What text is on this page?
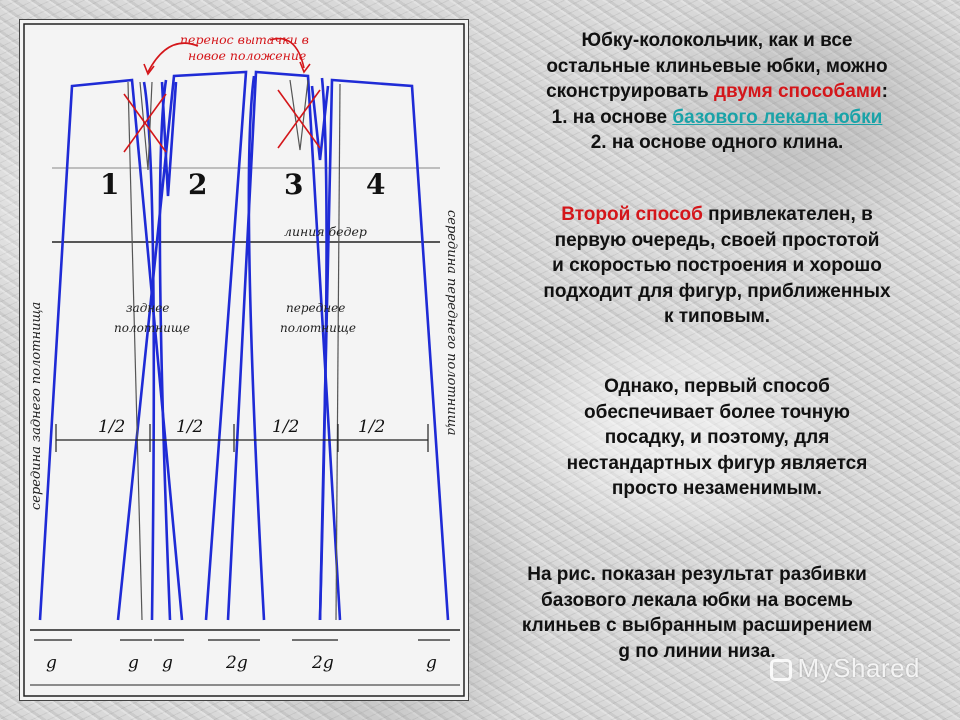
перенос вытачки в
новое положение
1 2	3 4
линия бедер
заднее
полотнище
переднее
полотнище
середина заднего полотнища	середина переднего полотнища
1/2	1/2	1/2	1/2
g	g g	2g	2g	g

Юбку-колокольчик, как и все

остальные клиньевые юбки, можно

сконструировать двумя способами:

1. на основе базового лекала юбки

2. на основе одного клина.

Второй способ привлекателен, в

первую очередь, своей простотой

и скоростью построения и хорошо

подходит для фигур, приближенных

к типовым.

Однако, первый способ

обеспечивает более точную

посадку, и поэтому, для

нестандартных фигур является

просто незаменимым.

На рис. показан результат разбивки

базового лекала юбки на восемь

клиньев с выбранным расширением

g по линии низа.

MyShared
